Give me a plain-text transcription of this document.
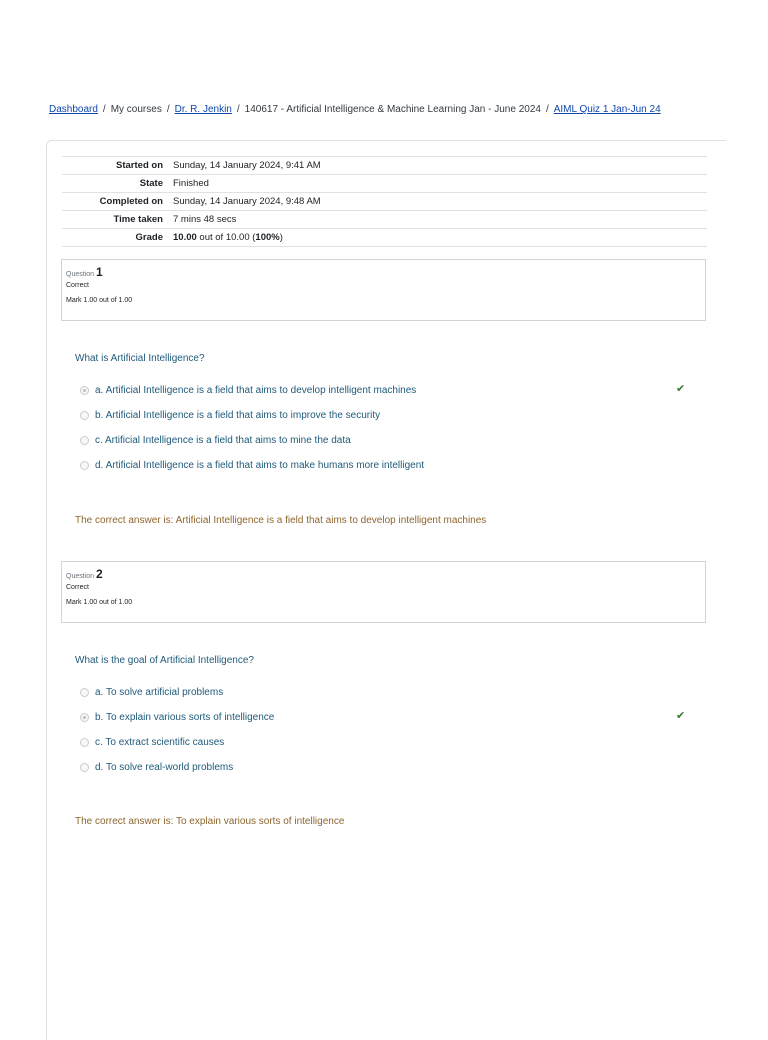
Dashboard / My courses / Dr. R. Jenkin / 140617 - Artificial Intelligence & Machine Learning Jan - June 2024 / AIML Quiz 1 Jan-Jun 24
Started on	Sunday, 14 January 2024, 9:41 AM
State	Finished
Completed on	Sunday, 14 January 2024, 9:48 AM
Time taken	7 mins 48 secs
Grade	10.00 out of 10.00 (100%)
Question 1
Correct
Mark 1.00 out of 1.00
What is Artificial Intelligence?
a. Artificial Intelligence is a field that aims to develop intelligent machines	✔
b. Artificial Intelligence is a field that aims to improve the security
c. Artificial Intelligence is a field that aims to mine the data
d. Artificial Intelligence is a field that aims to make humans more intelligent
The correct answer is: Artificial Intelligence is a field that aims to develop intelligent machines
Question 2
Correct
Mark 1.00 out of 1.00
What is the goal of Artificial Intelligence?
a. To solve artificial problems
b. To explain various sorts of intelligence	✔
c. To extract scientific causes
d. To solve real-world problems
The correct answer is: To explain various sorts of intelligence
